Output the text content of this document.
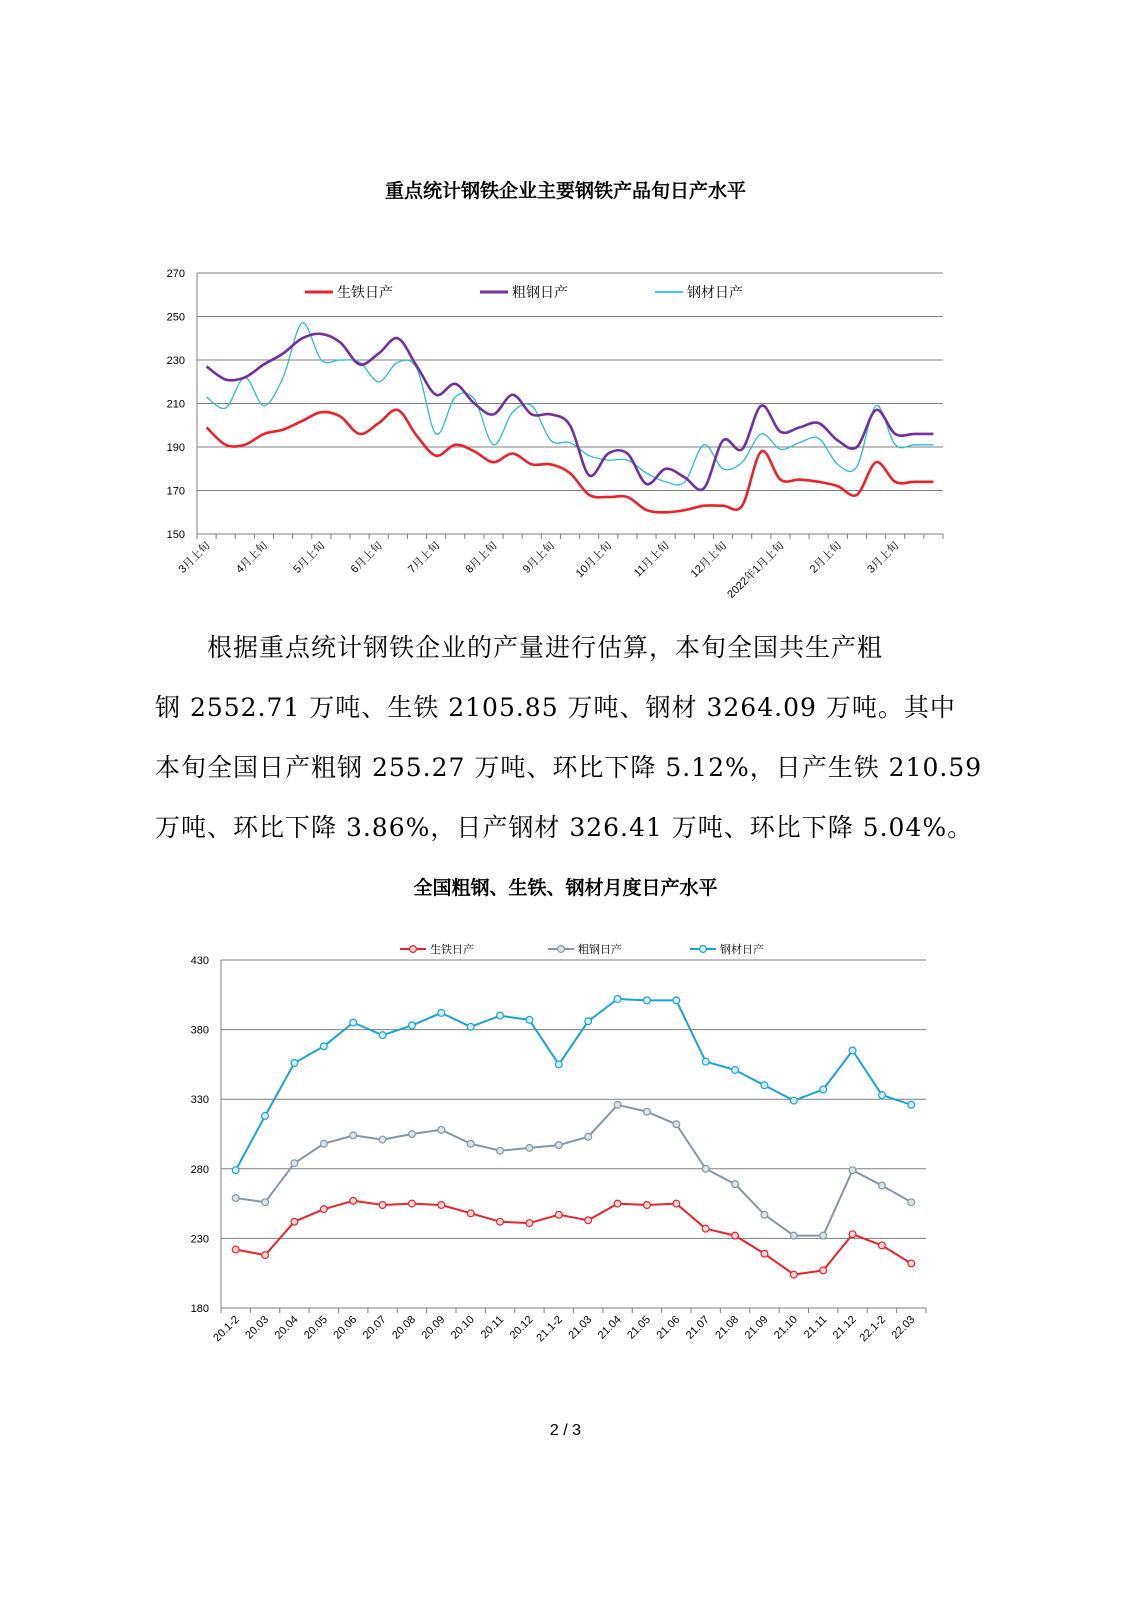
重点统计钢铁企业主要钢铁产品旬日产水平
150
170
190
210
230
250
270
3月上旬 4月上旬 5月上旬 6月上旬 7月上旬 8月上旬 9月上旬 10月上旬 11月上旬 12月上旬
2022年1月上旬 2月上旬 3月上旬
生铁日产	粗钢日产	钢材日产

根据重点统计钢铁企业的产量进行估算，本旬全国共生产粗
钢 2552.71 万吨、生铁 2105.85 万吨、钢材 3264.09 万吨。其中
本旬全国日产粗钢 255.27 万吨、环比下降 5.12%，日产生铁 210.59
万吨、环比下降 3.86%，日产钢材 326.41 万吨、环比下降 5.04%。

全国粗钢、生铁、钢材月度日产水平
180
230
280
330
380
430
20.1-2 20.03 20.04 20.05 20.06 20.07 20.08 20.09 20.10 20.11 20.12
21.1-2 21.03 21.04 21.05 21.06 21.07 21.08 21.09 21.10 21.11 21.12
22.1-2 22.03
生铁日产	粗钢日产	钢材日产
2 / 3
